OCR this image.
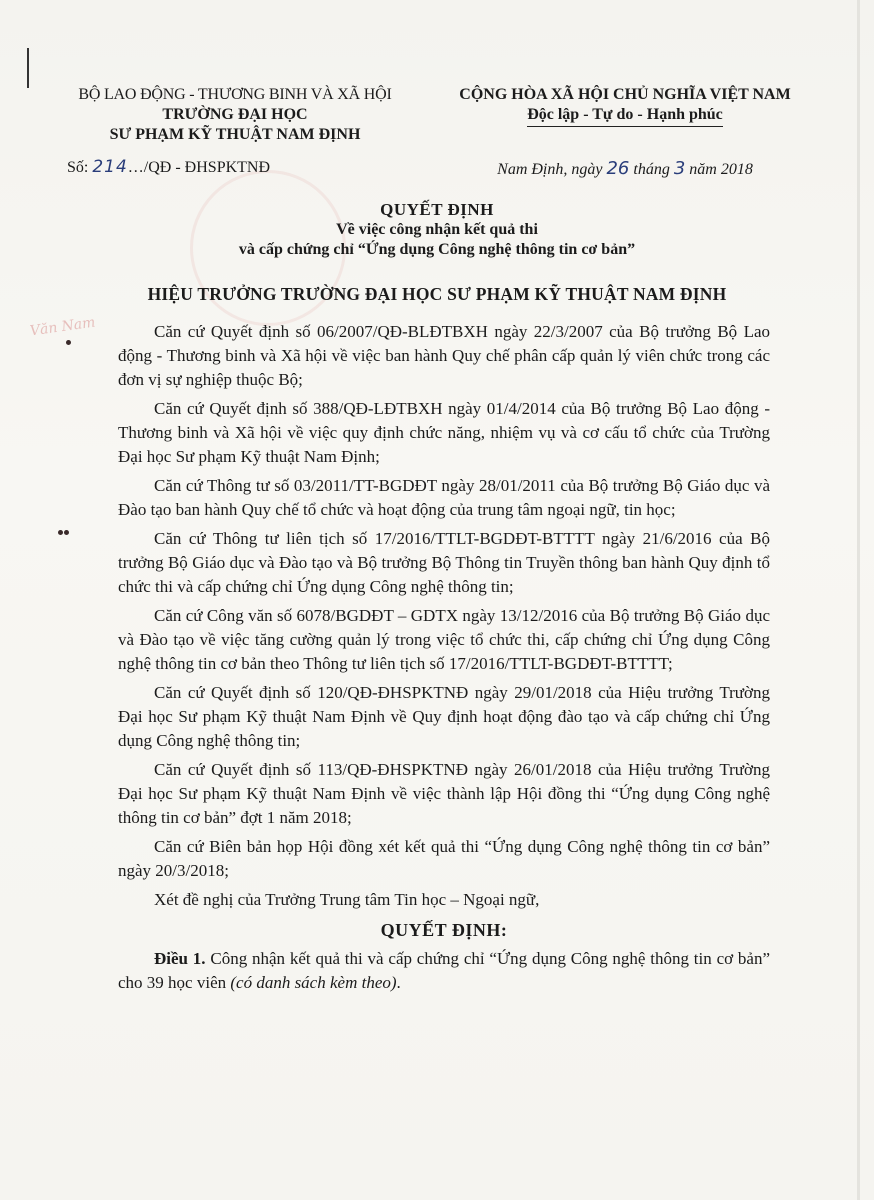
Văn Nam
BỘ LAO ĐỘNG - THƯƠNG BINH VÀ XÃ HỘI
TRƯỜNG ĐẠI HỌC
SƯ PHẠM KỸ THUẬT NAM ĐỊNH
Số: 214…/QĐ - ĐHSPKTNĐ
CỘNG HÒA XÃ HỘI CHỦ NGHĨA VIỆT NAM
Độc lập - Tự do - Hạnh phúc
Nam Định, ngày 26 tháng 3 năm 2018
QUYẾT ĐỊNH
Về việc công nhận kết quả thi
và cấp chứng chỉ “Ứng dụng Công nghệ thông tin cơ bản”
HIỆU TRƯỞNG TRƯỜNG ĐẠI HỌC SƯ PHẠM KỸ THUẬT NAM ĐỊNH

Căn cứ Quyết định số 06/2007/QĐ-BLĐTBXH ngày 22/3/2007 của Bộ trưởng Bộ Lao động - Thương binh và Xã hội về việc ban hành Quy chế phân cấp quản lý viên chức trong các đơn vị sự nghiệp thuộc Bộ;

Căn cứ Quyết định số 388/QĐ-LĐTBXH ngày 01/4/2014 của Bộ trưởng Bộ Lao động - Thương binh và Xã hội về việc quy định chức năng, nhiệm vụ và cơ cấu tổ chức của Trường Đại học Sư phạm Kỹ thuật Nam Định;

Căn cứ Thông tư số 03/2011/TT-BGDĐT ngày 28/01/2011 của Bộ trưởng Bộ Giáo dục và Đào tạo ban hành Quy chế tổ chức và hoạt động của trung tâm ngoại ngữ, tin học;

Căn cứ Thông tư liên tịch số 17/2016/TTLT-BGDĐT-BTTTT ngày 21/6/2016 của Bộ trưởng Bộ Giáo dục và Đào tạo và Bộ trưởng Bộ Thông tin Truyền thông ban hành Quy định tổ chức thi và cấp chứng chỉ Ứng dụng Công nghệ thông tin;

Căn cứ Công văn số 6078/BGDĐT – GDTX ngày 13/12/2016 của Bộ trưởng Bộ Giáo dục và Đào tạo về việc tăng cường quản lý trong việc tổ chức thi, cấp chứng chỉ Ứng dụng Công nghệ thông tin cơ bản theo Thông tư liên tịch số 17/2016/TTLT-BGDĐT-BTTTT;

Căn cứ Quyết định số 120/QĐ-ĐHSPKTNĐ ngày 29/01/2018 của Hiệu trưởng Trường Đại học Sư phạm Kỹ thuật Nam Định về Quy định hoạt động đào tạo và cấp chứng chỉ Ứng dụng Công nghệ thông tin;

Căn cứ Quyết định số 113/QĐ-ĐHSPKTNĐ ngày 26/01/2018 của Hiệu trưởng Trường Đại học Sư phạm Kỹ thuật Nam Định về việc thành lập Hội đồng thi “Ứng dụng Công nghệ thông tin cơ bản” đợt 1 năm 2018;

Căn cứ Biên bản họp Hội đồng xét kết quả thi “Ứng dụng Công nghệ thông tin cơ bản” ngày 20/3/2018;

Xét đề nghị của Trưởng Trung tâm Tin học – Ngoại ngữ,

QUYẾT ĐỊNH:

Điều 1. Công nhận kết quả thi và cấp chứng chỉ “Ứng dụng Công nghệ thông tin cơ bản” cho 39 học viên (có danh sách kèm theo).
